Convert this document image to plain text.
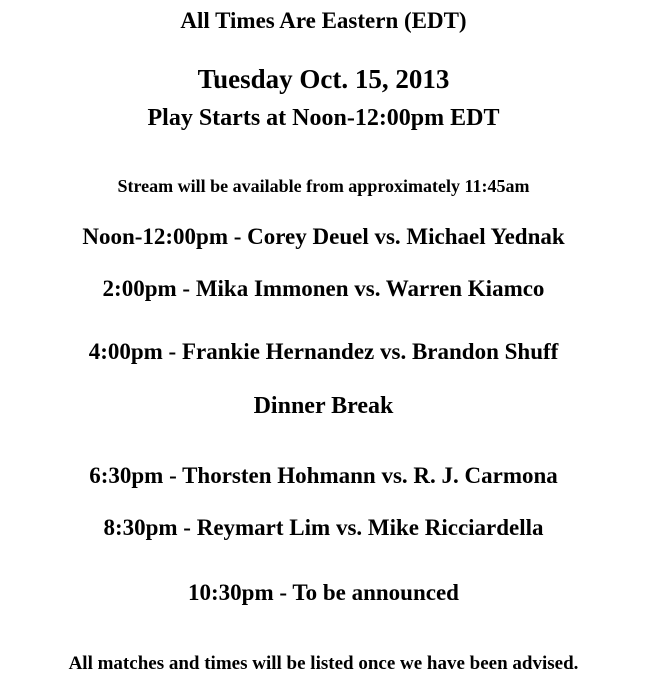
All Times Are Eastern (EDT)
Tuesday Oct. 15, 2013
Play Starts at Noon-12:00pm EDT
Stream will be available from approximately 11:45am
Noon-12:00pm - Corey Deuel vs. Michael Yednak
2:00pm - Mika Immonen vs. Warren Kiamco
4:00pm - Frankie Hernandez vs. Brandon Shuff
Dinner Break
6:30pm - Thorsten Hohmann vs. R. J. Carmona
8:30pm - Reymart Lim vs. Mike Ricciardella
10:30pm - To be announced
All matches and times will be listed once we have been advised.
